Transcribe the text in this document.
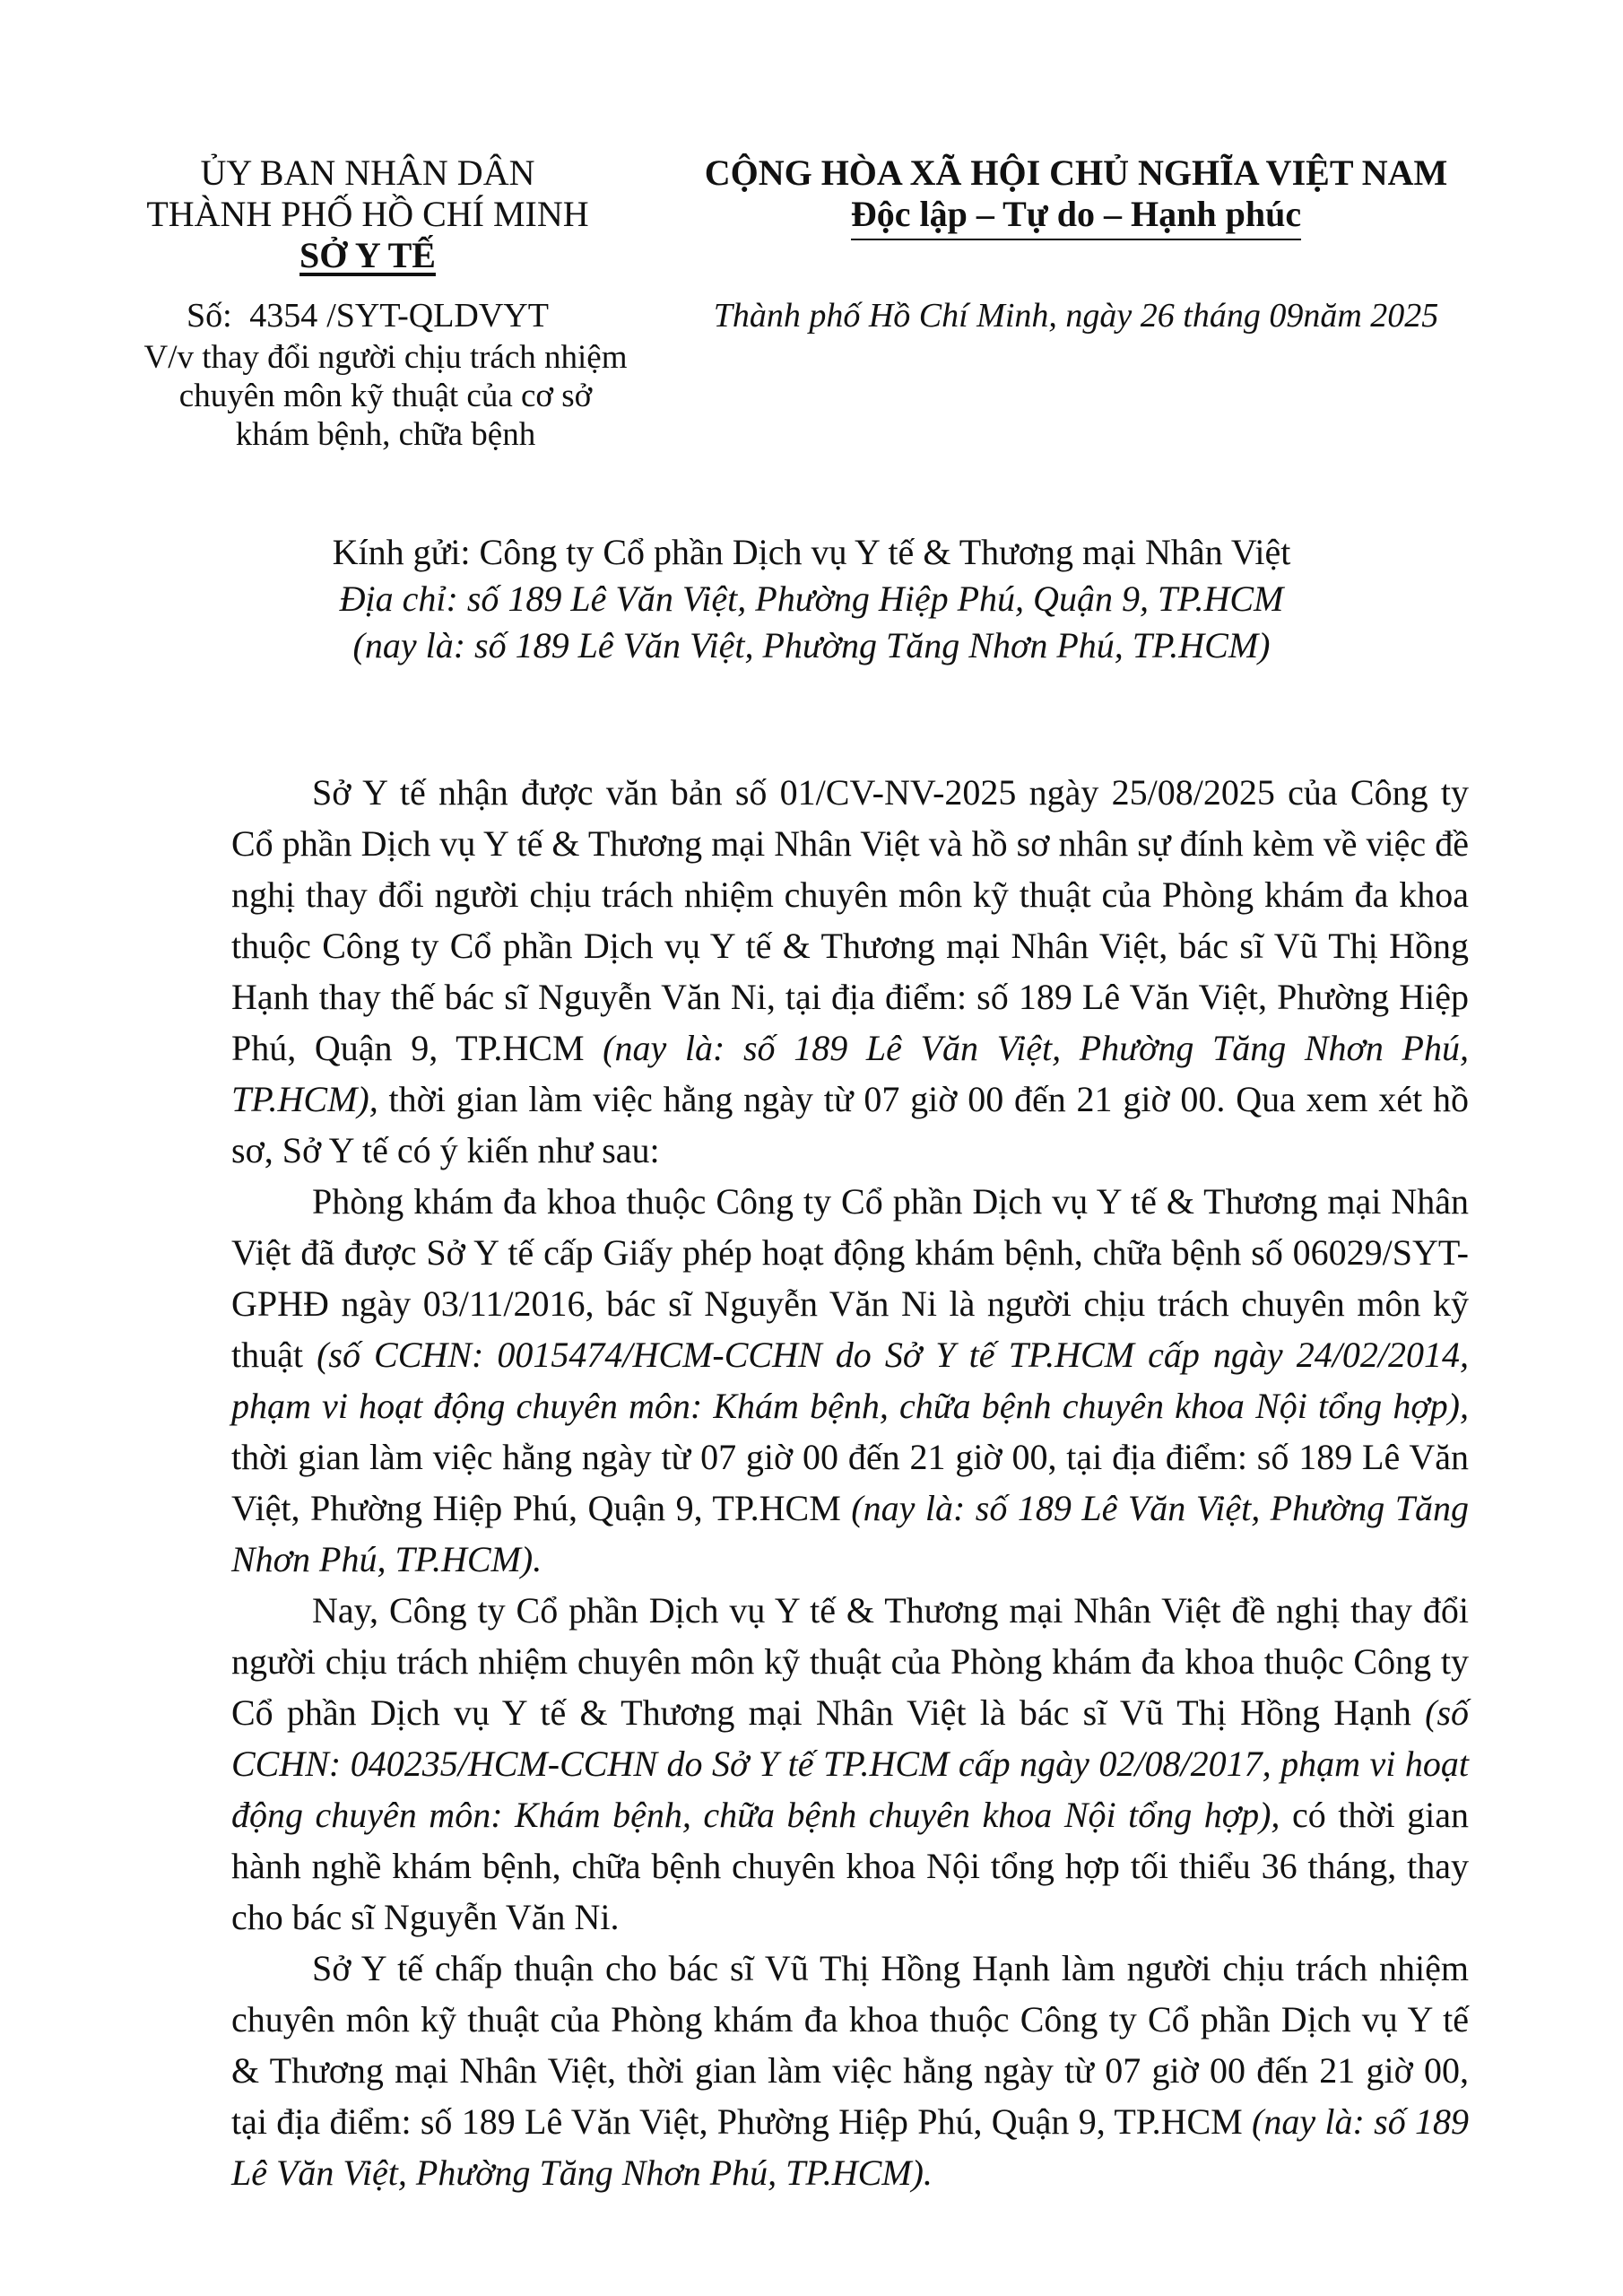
ỦY BAN NHÂN DÂN
THÀNH PHỐ HỒ CHÍ MINH
SỞ Y TẾ
CỘNG HÒA XÃ HỘI CHỦ NGHĨA VIỆT NAM
Độc lập – Tự do – Hạnh phúc
Số: 4354 /SYT-QLDVYT
V/v thay đổi người chịu trách nhiệm
chuyên môn kỹ thuật của cơ sở
khám bệnh, chữa bệnh
Thành phố Hồ Chí Minh, ngày 26 tháng 09năm 2025
Kính gửi: Công ty Cổ phần Dịch vụ Y tế & Thương mại Nhân Việt
Địa chỉ: số 189 Lê Văn Việt, Phường Hiệp Phú, Quận 9, TP.HCM
(nay là: số 189 Lê Văn Việt, Phường Tăng Nhơn Phú, TP.HCM)

Sở Y tế nhận được văn bản số 01/CV-NV-2025 ngày 25/08/2025 của Công ty Cổ phần Dịch vụ Y tế & Thương mại Nhân Việt và hồ sơ nhân sự đính kèm về việc đề nghị thay đổi người chịu trách nhiệm chuyên môn kỹ thuật của Phòng khám đa khoa thuộc Công ty Cổ phần Dịch vụ Y tế & Thương mại Nhân Việt, bác sĩ Vũ Thị Hồng Hạnh thay thế bác sĩ Nguyễn Văn Ni, tại địa điểm: số 189 Lê Văn Việt, Phường Hiệp Phú, Quận 9, TP.HCM (nay là: số 189 Lê Văn Việt, Phường Tăng Nhơn Phú, TP.HCM), thời gian làm việc hằng ngày từ 07 giờ 00 đến 21 giờ 00. Qua xem xét hồ sơ, Sở Y tế có ý kiến như sau:

Phòng khám đa khoa thuộc Công ty Cổ phần Dịch vụ Y tế & Thương mại Nhân Việt đã được Sở Y tế cấp Giấy phép hoạt động khám bệnh, chữa bệnh số 06029/SYT-GPHĐ ngày 03/11/2016, bác sĩ Nguyễn Văn Ni là người chịu trách chuyên môn kỹ thuật (số CCHN: 0015474/HCM-CCHN do Sở Y tế TP.HCM cấp ngày 24/02/2014, phạm vi hoạt động chuyên môn: Khám bệnh, chữa bệnh chuyên khoa Nội tổng hợp), thời gian làm việc hằng ngày từ 07 giờ 00 đến 21 giờ 00, tại địa điểm: số 189 Lê Văn Việt, Phường Hiệp Phú, Quận 9, TP.HCM (nay là: số 189 Lê Văn Việt, Phường Tăng Nhơn Phú, TP.HCM).

Nay, Công ty Cổ phần Dịch vụ Y tế & Thương mại Nhân Việt đề nghị thay đổi người chịu trách nhiệm chuyên môn kỹ thuật của Phòng khám đa khoa thuộc Công ty Cổ phần Dịch vụ Y tế & Thương mại Nhân Việt là bác sĩ Vũ Thị Hồng Hạnh (số CCHN: 040235/HCM-CCHN do Sở Y tế TP.HCM cấp ngày 02/08/2017, phạm vi hoạt động chuyên môn: Khám bệnh, chữa bệnh chuyên khoa Nội tổng hợp), có thời gian hành nghề khám bệnh, chữa bệnh chuyên khoa Nội tổng hợp tối thiểu 36 tháng, thay cho bác sĩ Nguyễn Văn Ni.

Sở Y tế chấp thuận cho bác sĩ Vũ Thị Hồng Hạnh làm người chịu trách nhiệm chuyên môn kỹ thuật của Phòng khám đa khoa thuộc Công ty Cổ phần Dịch vụ Y tế & Thương mại Nhân Việt, thời gian làm việc hằng ngày từ 07 giờ 00 đến 21 giờ 00, tại địa điểm: số 189 Lê Văn Việt, Phường Hiệp Phú, Quận 9, TP.HCM (nay là: số 189 Lê Văn Việt, Phường Tăng Nhơn Phú, TP.HCM).
